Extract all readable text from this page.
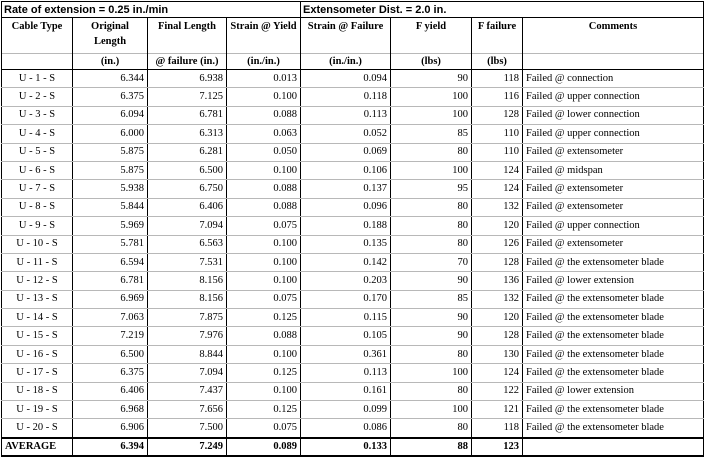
Rate of extension = 0.25 in./min				Extensometer Dist. = 2.0 in.			
Cable Type	Original Length	Final Length	Strain @ Yield	Strain @ Failure	F yield	F failure	Comments
	(in.)	@ failure (in.)	(in./in.)	(in./in.)	(lbs)	(lbs)	
U - 1 - S	6.344	6.938	0.013	0.094	90	118	Failed @ connection
U - 2 - S	6.375	7.125	0.100	0.118	100	116	Failed @ upper connection
U - 3 - S	6.094	6.781	0.088	0.113	100	128	Failed @ lower connection
U - 4 - S	6.000	6.313	0.063	0.052	85	110	Failed @ upper connection
U - 5 - S	5.875	6.281	0.050	0.069	80	110	Failed @ extensometer
U - 6 - S	5.875	6.500	0.100	0.106	100	124	Failed @ midspan
U - 7 - S	5.938	6.750	0.088	0.137	95	124	Failed @ extensometer
U - 8 - S	5.844	6.406	0.088	0.096	80	132	Failed @ extensometer
U - 9 - S	5.969	7.094	0.075	0.188	80	120	Failed @ upper connection
U - 10 - S	5.781	6.563	0.100	0.135	80	126	Failed @ extensometer
U - 11 - S	6.594	7.531	0.100	0.142	70	128	Failed @ the extensometer blade
U - 12 - S	6.781	8.156	0.100	0.203	90	136	Failed @ lower extension
U - 13 - S	6.969	8.156	0.075	0.170	85	132	Failed @ the extensometer blade
U - 14 - S	7.063	7.875	0.125	0.115	90	120	Failed @ the extensometer blade
U - 15 - S	7.219	7.976	0.088	0.105	90	128	Failed @ the extensometer blade
U - 16 - S	6.500	8.844	0.100	0.361	80	130	Failed @ the extensometer blade
U - 17 - S	6.375	7.094	0.125	0.113	100	124	Failed @ the extensometer blade
U - 18 - S	6.406	7.437	0.100	0.161	80	122	Failed @ lower extension
U - 19 - S	6.968	7.656	0.125	0.099	100	121	Failed @ the extensometer blade
U - 20 - S	6.906	7.500	0.075	0.086	80	118	Failed @ the extensometer blade
AVERAGE	6.394	7.249	0.089	0.133	88	123	
